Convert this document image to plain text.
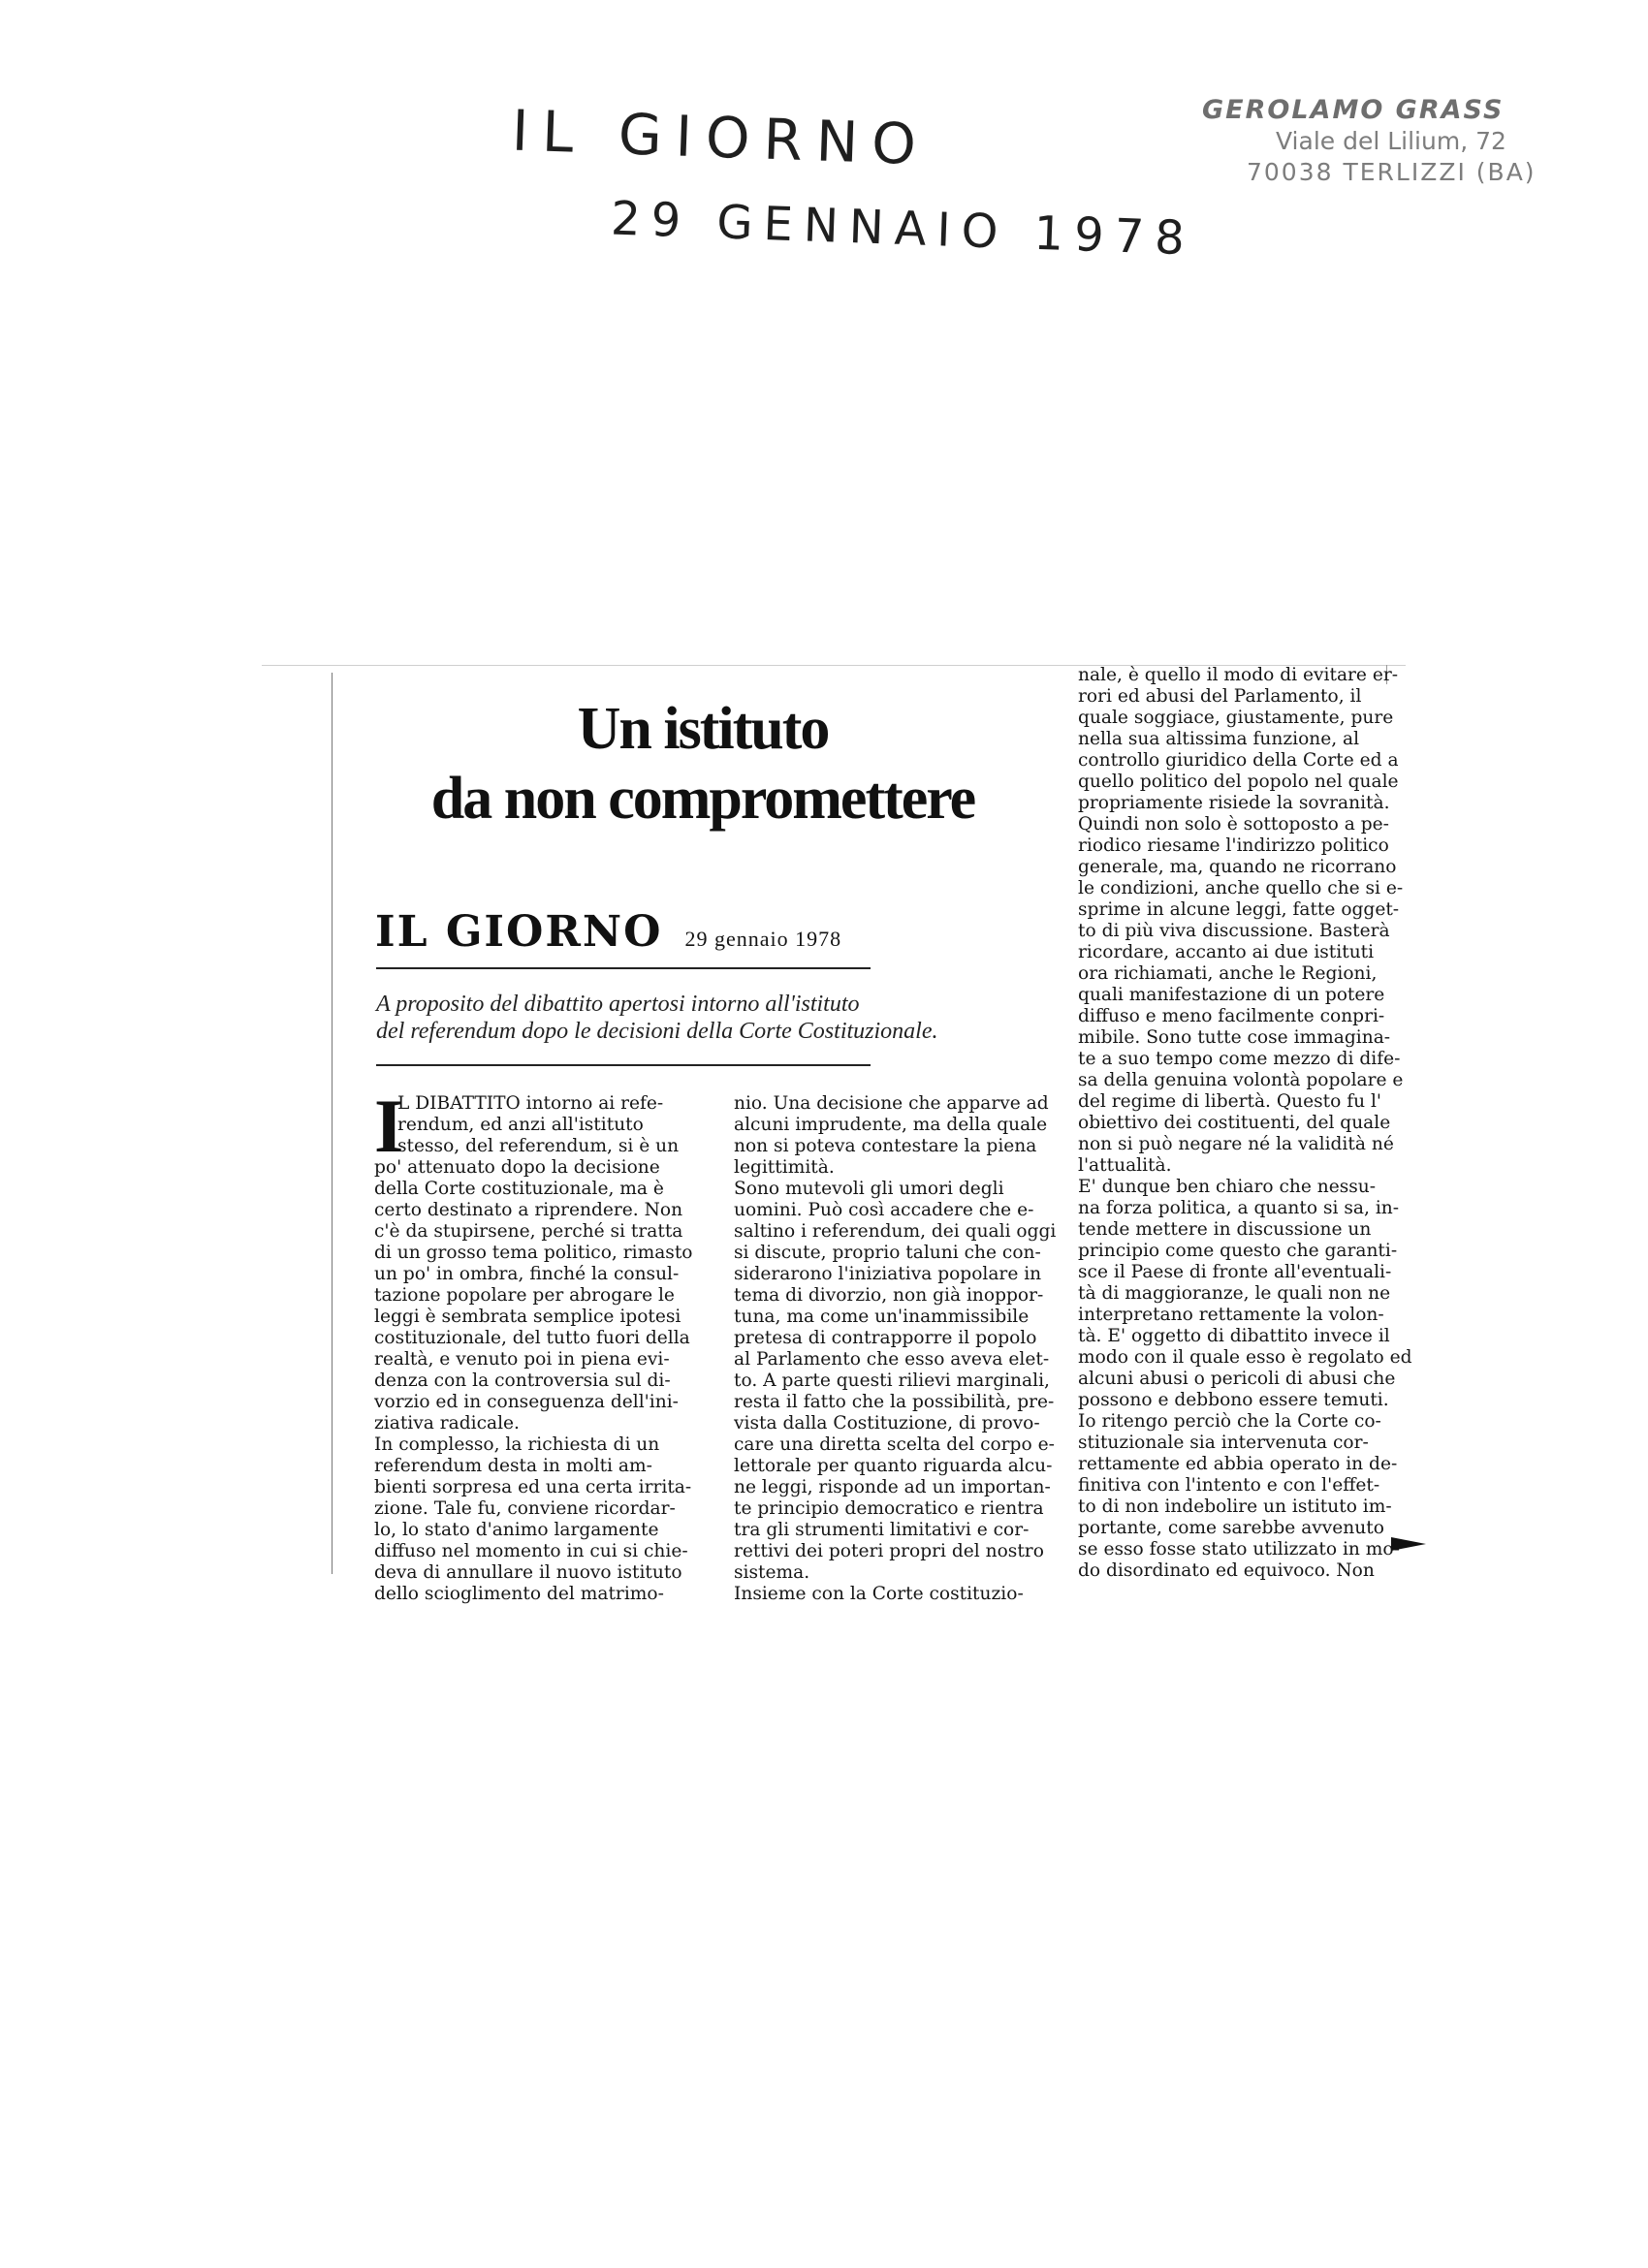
IL GIORNO
29 GENNAIO 1978
GEROLAMO GRASS
Viale del Lilium, 72
70038 TERLIZZI (BA)
Un istituto
da non compromettere
IL GIORNO 29 gennaio 1978
A proposito del dibattito apertosi intorno all'istituto
del referendum dopo le decisioni della Corte Costituzionale.
I
L DIBATTITO intorno ai refe-
rendum, ed anzi all'istituto
stesso, del referendum, si è un
po' attenuato dopo la decisione
della Corte costituzionale, ma è
certo destinato a riprendere. Non
c'è da stupirsene, perché si tratta
di un grosso tema politico, rimasto
un po' in ombra, finché la consul-
tazione popolare per abrogare le
leggi è sembrata semplice ipotesi
costituzionale, del tutto fuori della
realtà, e venuto poi in piena evi-
denza con la controversia sul di-
vorzio ed in conseguenza dell'ini-
ziativa radicale.
In complesso, la richiesta di un
referendum desta in molti am-
bienti sorpresa ed una certa irrita-
zione. Tale fu, conviene ricordar-
lo, lo stato d'animo largamente
diffuso nel momento in cui si chie-
deva di annullare il nuovo istituto
dello scioglimento del matrimo-
nio. Una decisione che apparve ad
alcuni imprudente, ma della quale
non si poteva contestare la piena
legittimità.
Sono mutevoli gli umori degli
uomini. Può così accadere che e-
saltino i referendum, dei quali oggi
si discute, proprio taluni che con-
siderarono l'iniziativa popolare in
tema di divorzio, non già inoppor-
tuna, ma come un'inammissibile
pretesa di contrapporre il popolo
al Parlamento che esso aveva elet-
to. A parte questi rilievi marginali,
resta il fatto che la possibilità, pre-
vista dalla Costituzione, di provo-
care una diretta scelta del corpo e-
lettorale per quanto riguarda alcu-
ne leggi, risponde ad un importan-
te principio democratico e rientra
tra gli strumenti limitativi e cor-
rettivi dei poteri propri del nostro
sistema.
Insieme con la Corte costituzio-
nale, è quello il modo di evitare er-
rori ed abusi del Parlamento, il
quale soggiace, giustamente, pure
nella sua altissima funzione, al
controllo giuridico della Corte ed a
quello politico del popolo nel quale
propriamente risiede la sovranità.
Quindi non solo è sottoposto a pe-
riodico riesame l'indirizzo politico
generale, ma, quando ne ricorrano
le condizioni, anche quello che si e-
sprime in alcune leggi, fatte ogget-
to di più viva discussione. Basterà
ricordare, accanto ai due istituti
ora richiamati, anche le Regioni,
quali manifestazione di un potere
diffuso e meno facilmente conpri-
mibile. Sono tutte cose immagina-
te a suo tempo come mezzo di dife-
sa della genuina volontà popolare e
del regime di libertà. Questo fu l'
obiettivo dei costituenti, del quale
non si può negare né la validità né
l'attualità.
E' dunque ben chiaro che nessu-
na forza politica, a quanto si sa, in-
tende mettere in discussione un
principio come questo che garanti-
sce il Paese di fronte all'eventuali-
tà di maggioranze, le quali non ne
interpretano rettamente la volon-
tà. E' oggetto di dibattito invece il
modo con il quale esso è regolato ed
alcuni abusi o pericoli di abusi che
possono e debbono essere temuti.
Io ritengo perciò che la Corte co-
stituzionale sia intervenuta cor-
rettamente ed abbia operato in de-
finitiva con l'intento e con l'effet-
to di non indebolire un istituto im-
portante, come sarebbe avvenuto
se esso fosse stato utilizzato in mo-
do disordinato ed equivoco. Non
